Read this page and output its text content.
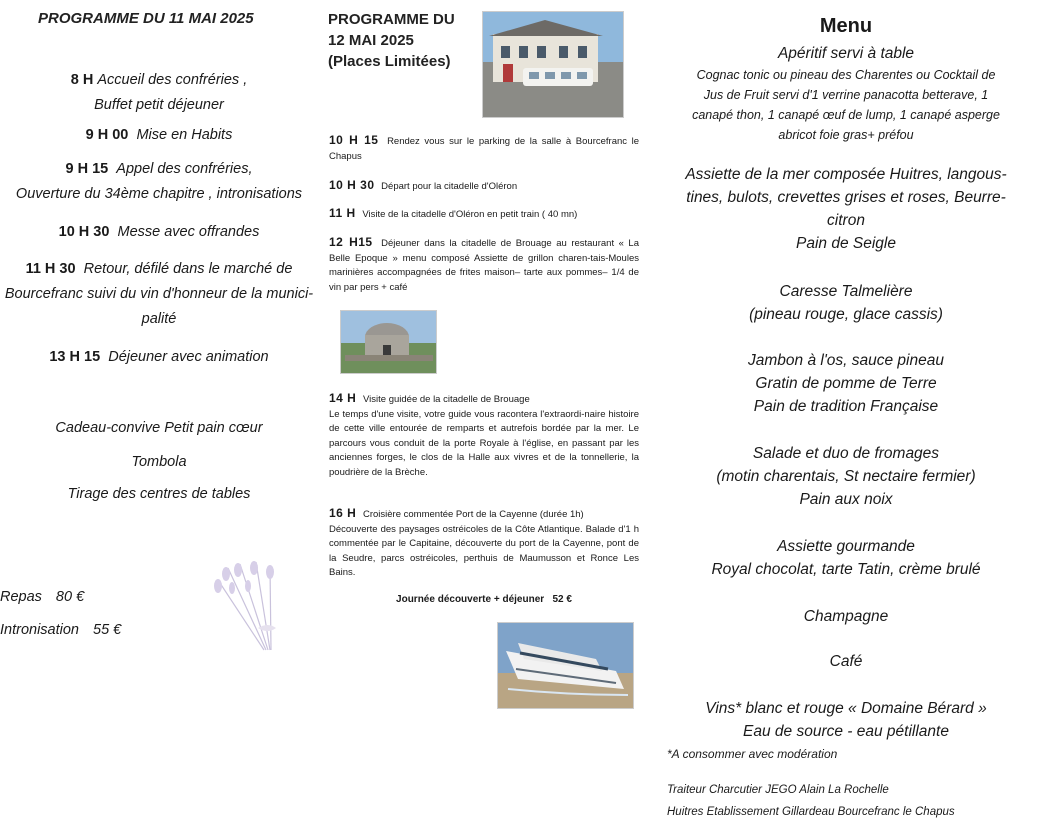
PROGRAMME DU 11 MAI 2025
8 H Accueil des confréries ,
Buffet petit déjeuner
9 H 00 Mise en Habits
9 H 15 Appel des confréries,
Ouverture du 34ème chapitre , intronisations
10 H 30 Messe avec offrandes
11 H 30 Retour, défilé dans le marché de
Bourcefranc suivi du vin d'honneur de la munici-
palité
13 H 15 Déjeuner avec animation
Cadeau-convive Petit pain cœur
Tombola
Tirage des centres de tables
Repas 80 €
Intronisation 55 €
PROGRAMME DU
12 MAI 2025
(Places Limitées)
10 H 15 Rendez vous sur le parking de la salle à Bourcefranc le Chapus
10 H 30 Départ pour la citadelle d'Oléron
11 H Visite de la citadelle d'Oléron en petit train ( 40 mn)
12 H15 Déjeuner dans la citadelle de Brouage au restaurant « La Belle Epoque » menu composé Assiette de grillon charen-tais-Moules marinières accompagnées de frites maison– tarte aux pommes– 1/4 de vin par pers + café

14 H Visite guidée de la citadelle de Brouage

Le temps d'une visite, votre guide vous racontera l'extraordi-naire histoire de cette ville entourée de remparts et autrefois bordée par la mer. Le parcours vous conduit de la porte Royale à l'église, en passant par les anciennes forges, le clos de la Halle aux vivres et de la tonnellerie, la poudrière de la Brèche.

16 H Croisière commentée Port de la Cayenne (durée 1h)

Découverte des paysages ostréicoles de la Côte Atlantique. Balade d'1 h commentée par le Capitaine, découverte du port de la Cayenne, pont de la Seudre, parcs ostréicoles, perthuis de Maumusson et Ronce Les Bains.

Journée découverte + déjeuner   52 €
Menu
Apéritif servi à table
Cognac tonic ou pineau des Charentes ou Cocktail de
Jus de Fruit servi d'1 verrine panacotta betterave, 1
canapé thon, 1 canapé œuf de lump, 1 canapé asperge
abricot foie gras+ préfou
Assiette de la mer composée Huitres, langous-
tines, bulots, crevettes grises et roses, Beurre-
citron
Pain de Seigle
Caresse Talmelière
(pineau rouge, glace cassis)
Jambon à l'os, sauce pineau
Gratin de pomme de Terre
Pain de tradition Française
Salade et duo de fromages
(motin charentais, St nectaire fermier)
Pain aux noix
Assiette gourmande
Royal chocolat, tarte Tatin, crème brulé
Champagne
Café
Vins* blanc et rouge « Domaine Bérard »
Eau de source - eau pétillante
*A consommer avec modération
Traiteur Charcutier JEGO Alain La Rochelle
Huitres Etablissement Gillardeau Bourcefranc le Chapus
